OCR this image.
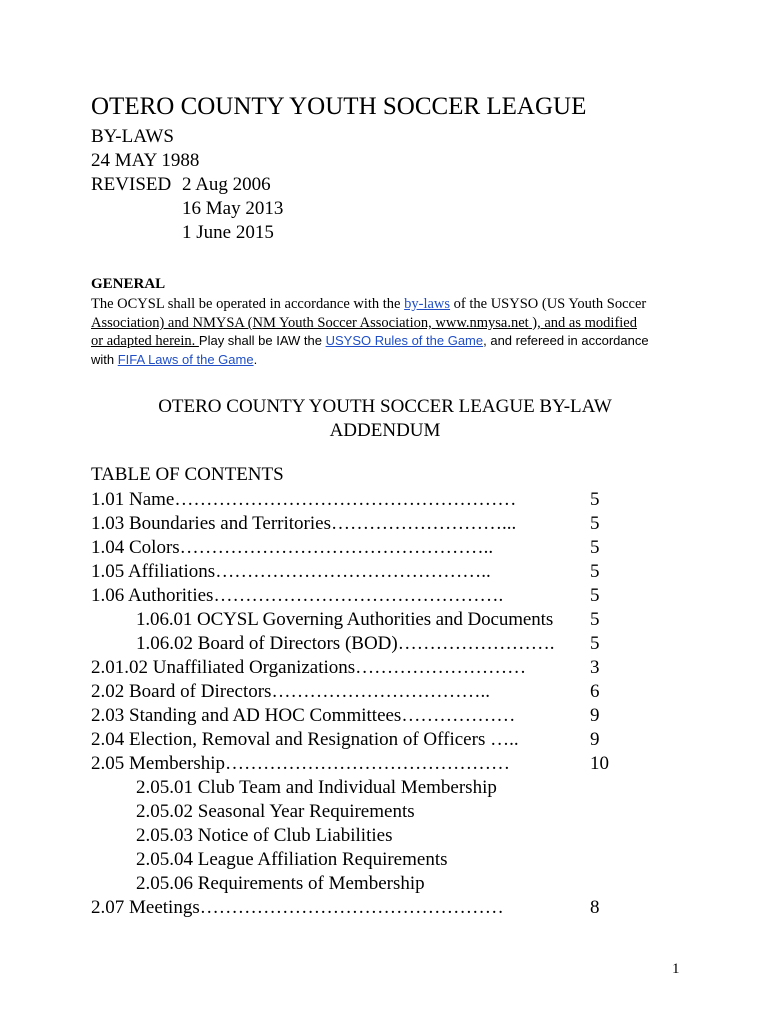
OTERO COUNTY YOUTH SOCCER LEAGUE
BY-LAWS
24 MAY 1988
REVISED 2 Aug 2006
16 May 2013
1 June 2015
GENERAL
The OCYSL shall be operated in accordance with the by-laws of the USYSO (US Youth Soccer
Association) and NMYSA (NM Youth Soccer Association, www.nmysa.net ), and as modified
or adapted herein. Play shall be IAW the USYSO Rules of the Game, and refereed in accordance
with FIFA Laws of the Game.
OTERO COUNTY YOUTH SOCCER LEAGUE BY-LAW
ADDENDUM
TABLE OF CONTENTS
1.01 Name………………………………………………	5
1.03 Boundaries and Territories………………………...	5
1.04 Colors…………………………………………..	5
1.05 Affiliations……………………………………..	5
1.06 Authorities……………………………………….	5
1.06.01 OCYSL Governing Authorities and Documents 5
1.06.02 Board of Directors (BOD)……………………. 5
2.01.02 Unaffiliated Organizations………………………	3
2.02 Board of Directors……………………………..	6
2.03 Standing and AD HOC Committees………………	9
2.04 Election, Removal and Resignation of Officers …..	9
2.05 Membership………………………………………	10
2.05.01 Club Team and Individual Membership
2.05.02 Seasonal Year Requirements
2.05.03 Notice of Club Liabilities
2.05.04 League Affiliation Requirements
2.05.06 Requirements of Membership
2.07 Meetings…………………………………………	8
1
